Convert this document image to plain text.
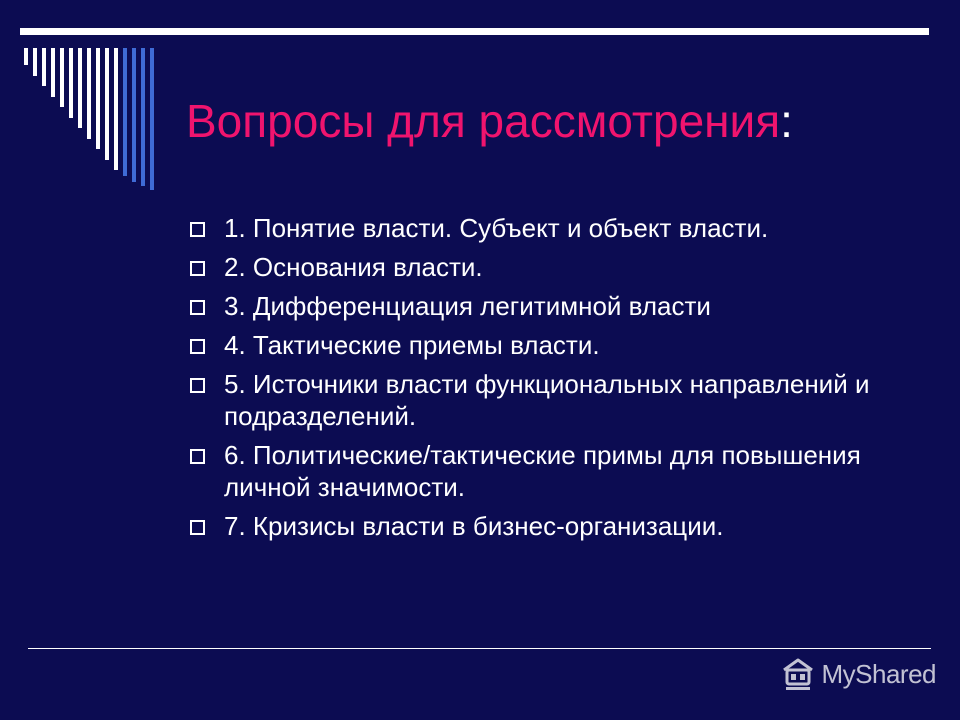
Вопросы для рассмотрения:
1. Понятие власти. Субъект и объект власти.
2. Основания власти.
3. Дифференциация легитимной власти
4. Тактические приемы власти.
5. Источники власти функциональных направлений и подразделений.
6. Политические/тактические примы для повышения личной значимости.
7. Кризисы власти в бизнес-организации.
MyShared
